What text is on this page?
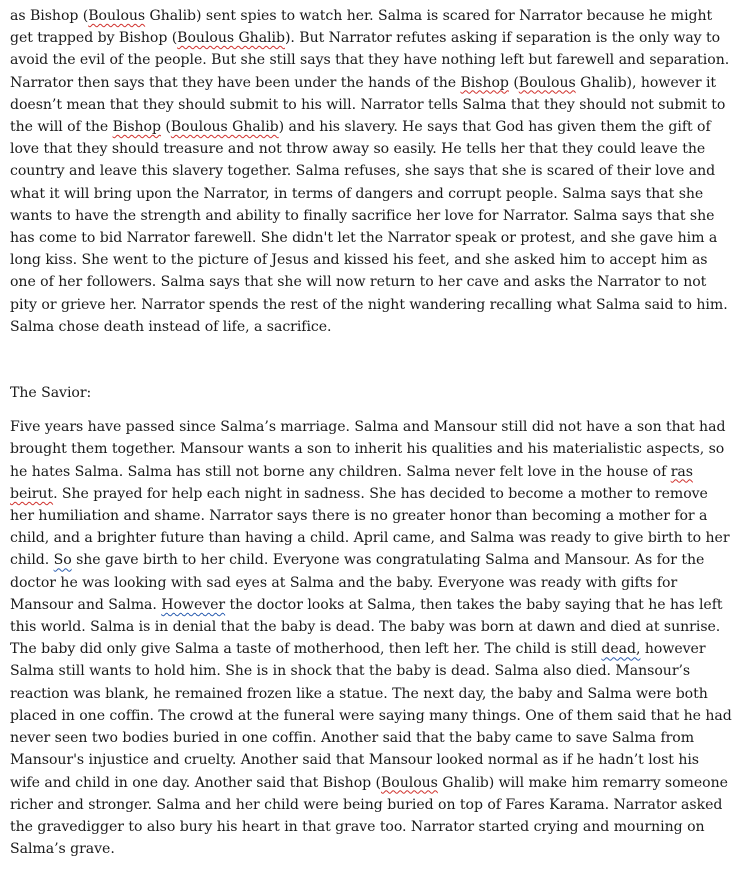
as Bishop (Boulous Ghalib) sent spies to watch her. Salma is scared for Narrator because he might get trapped by Bishop (Boulous Ghalib). But Narrator refutes asking if separation is the only way to avoid the evil of the people. But she still says that they have nothing left but farewell and separation. Narrator then says that they have been under the hands of the Bishop (Boulous Ghalib), however it doesn’t mean that they should submit to his will. Narrator tells Salma that they should not submit to the will of the Bishop (Boulous Ghalib) and his slavery. He says that God has given them the gift of love that they should treasure and not throw away so easily. He tells her that they could leave the country and leave this slavery together. Salma refuses, she says that she is scared of their love and what it will bring upon the Narrator, in terms of dangers and corrupt people. Salma says that she wants to have the strength and ability to finally sacrifice her love for Narrator. Salma says that she has come to bid Narrator farewell. She didn't let the Narrator speak or protest, and she gave him a long kiss. She went to the picture of Jesus and kissed his feet, and she asked him to accept him as one of her followers. Salma says that she will now return to her cave and asks the Narrator to not pity or grieve her. Narrator spends the rest of the night wandering recalling what Salma said to him. Salma chose death instead of life, a sacrifice.

The Savior:

Five years have passed since Salma’s marriage. Salma and Mansour still did not have a son that had brought them together. Mansour wants a son to inherit his qualities and his materialistic aspects, so he hates Salma. Salma has still not borne any children. Salma never felt love in the house of ras beirut. She prayed for help each night in sadness. She has decided to become a mother to remove her humiliation and shame. Narrator says there is no greater honor than becoming a mother for a child, and a brighter future than having a child. April came, and Salma was ready to give birth to her child. So she gave birth to her child. Everyone was congratulating Salma and Mansour. As for the doctor he was looking with sad eyes at Salma and the baby. Everyone was ready with gifts for Mansour and Salma. However the doctor looks at Salma, then takes the baby saying that he has left this world. Salma is in denial that the baby is dead. The baby was born at dawn and died at sunrise. The baby did only give Salma a taste of motherhood, then left her. The child is still dead, however Salma still wants to hold him. She is in shock that the baby is dead. Salma also died. Mansour’s reaction was blank, he remained frozen like a statue. The next day, the baby and Salma were both placed in one coffin. The crowd at the funeral were saying many things. One of them said that he had never seen two bodies buried in one coffin. Another said that the baby came to save Salma from Mansour's injustice and cruelty. Another said that Mansour looked normal as if he hadn’t lost his wife and child in one day. Another said that Bishop (Boulous Ghalib) will make him remarry someone richer and stronger. Salma and her child were being buried on top of Fares Karama. Narrator asked the gravedigger to also bury his heart in that grave too. Narrator started crying and mourning on Salma’s grave.
